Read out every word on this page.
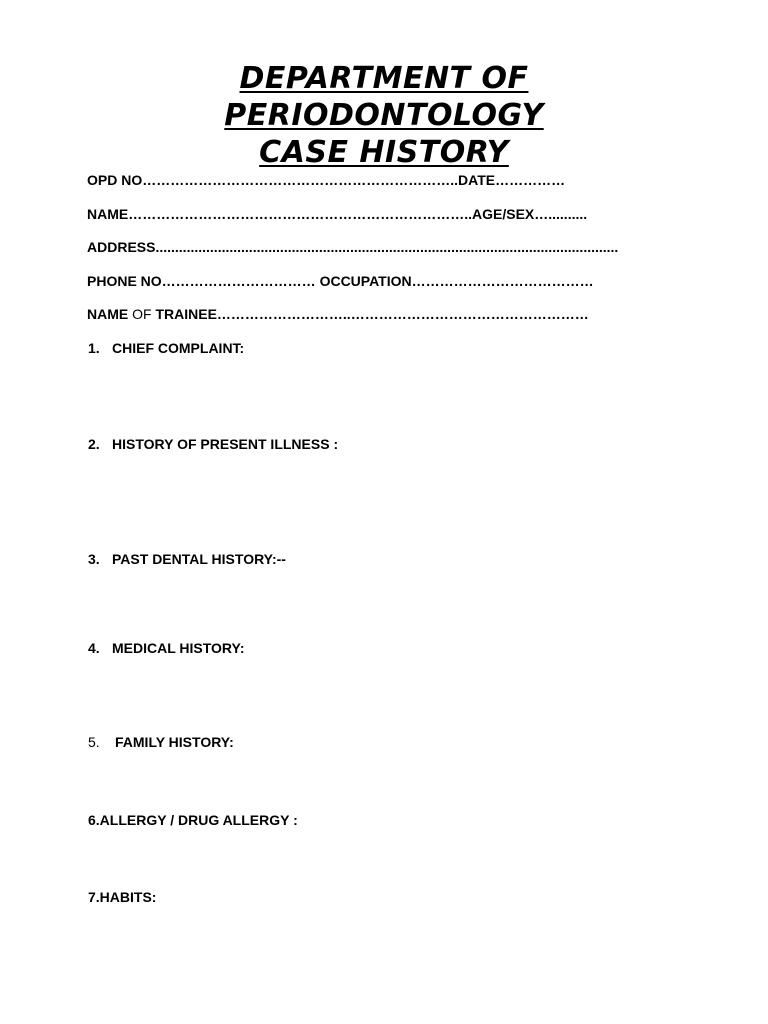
DEPARTMENT OF
PERIODONTOLOGY
CASE HISTORY
OPD NO…………………………………………………………..DATE……………
NAME………………………………………………………………..AGE/SEX…..........
ADDRESS.......................................................................................................................
PHONE NO…………………………… OCCUPATION…………………………………
NAME OF TRAINEE………………………..……………………………………………
1. CHIEF COMPLAINT:
2. HISTORY OF PRESENT ILLNESS :
3. PAST DENTAL HISTORY:--
4. MEDICAL HISTORY:
5. FAMILY HISTORY:
6.ALLERGY / DRUG ALLERGY :
7.HABITS:
